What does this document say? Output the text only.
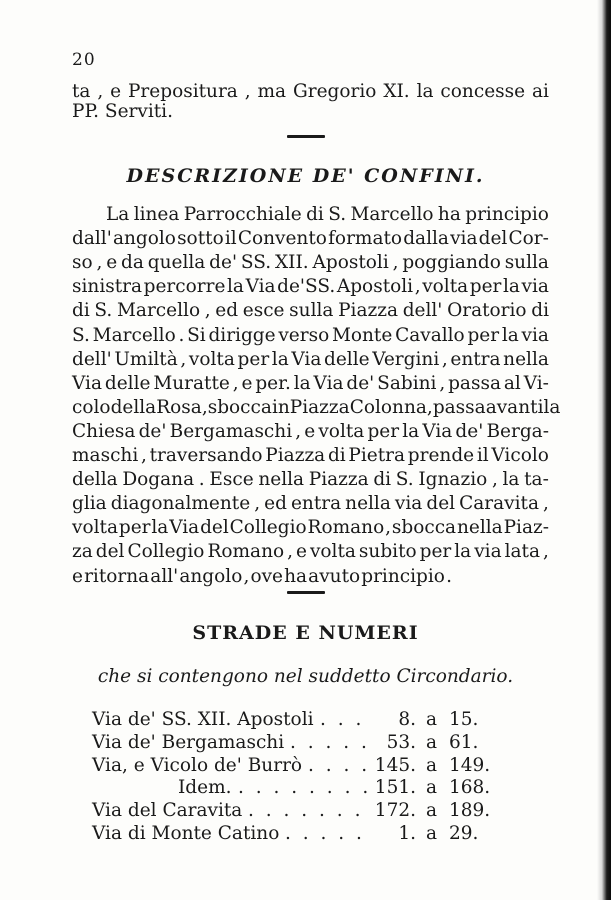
20

ta , e Prepositura , ma Gregorio XI. la concesse ai
PP. Serviti.
DESCRIZIONE DE' CONFINI.
La linea Parrocchiale di S. Marcello ha principio
dall' angolo sotto il Convento formato dalla via del Cor-
so , e da quella de' SS. XII. Apostoli , poggiando sulla
sinistra percorre la Via de'SS. Apostoli , volta per la via
di S. Marcello , ed esce sulla Piazza dell' Oratorio di
S. Marcello . Si dirigge verso Monte Cavallo per la via
dell' Umiltà , volta per la Via delle Vergini , entra nella
Via delle Muratte , e per. la Via de' Sabini , passa al Vi-
colo della Rosa , sbocca in Piazza Colonna , passa avanti la
Chiesa de' Bergamaschi , e volta per la Via de' Berga-
maschi , traversando Piazza di Pietra prende il Vicolo
della Dogana . Esce nella Piazza di S. Ignazio , la ta-
glia diagonalmente , ed entra nella via del Caravita ,
volta per la Via del Collegio Romano , sbocca nella Piaz-
za del Collegio Romano , e volta subito per la via lata ,
e ritorna all' angolo , ove ha avuto principio .
STRADE E NUMERI

che si contengono nel suddetto Circondario.

Via de' SS. XII. Apostoli . . . 8. a 15.
Via de' Bergamaschi . . . . . 53. a 61.
Via, e Vicolo de' Burrò . . . . 145. a 149.
Idem. . . . . . . . . 151. a 168.
Via del Caravita . . . . . . . 172. a 189.
Via di Monte Catino . . . . . 1. a 29.
